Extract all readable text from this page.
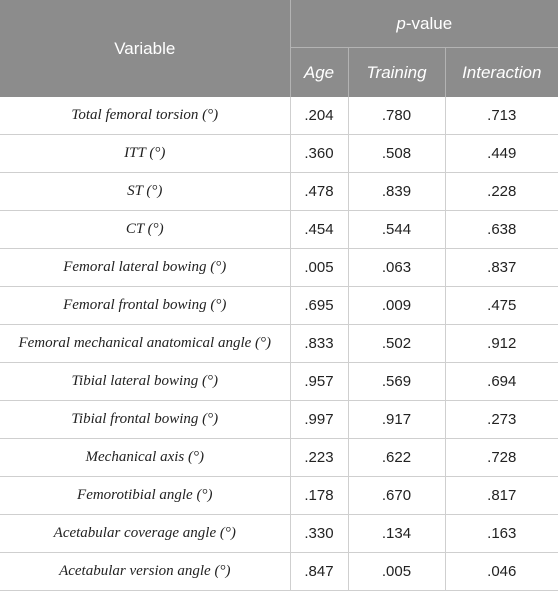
Variable	p-value		
	Age	Training	Interaction
Total femoral torsion (°)	.204	.780	.713
ITT (°)	.360	.508	.449
ST (°)	.478	.839	.228
CT (°)	.454	.544	.638
Femoral lateral bowing (°)	.005	.063	.837
Femoral frontal bowing (°)	.695	.009	.475
Femoral mechanical anatomical angle (°)	.833	.502	.912
Tibial lateral bowing (°)	.957	.569	.694
Tibial frontal bowing (°)	.997	.917	.273
Mechanical axis (°)	.223	.622	.728
Femorotibial angle (°)	.178	.670	.817
Acetabular coverage angle (°)	.330	.134	.163
Acetabular version angle (°)	.847	.005	.046
